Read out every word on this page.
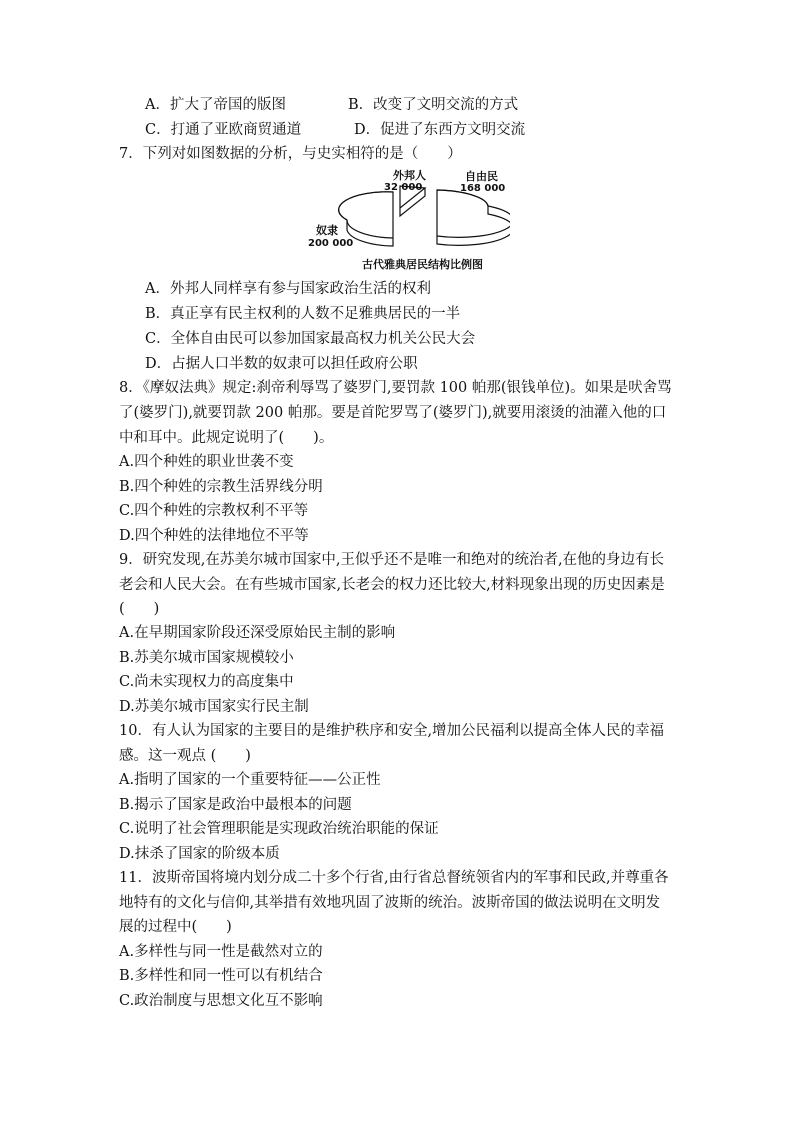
A．扩大了帝国的版图	B．改变了文明交流的方式
C．打通了亚欧商贸通道	D．促进了东西方文明交流
7．下列对如图数据的分析，与史实相符的是（　　）
外邦人
32 000
自由民
168 000
奴隶
200 000
古代雅典居民结构比例图
A．外邦人同样享有参与国家政治生活的权利
B．真正享有民主权利的人数不足雅典居民的一半
C．全体自由民可以参加国家最高权力机关公民大会
D．占据人口半数的奴隶可以担任政府公职
8．《摩奴法典》规定:刹帝利辱骂了婆罗门,要罚款 100 帕那(银钱单位)。如果是吠舍骂
了(婆罗门),就要罚款 200 帕那。要是首陀罗骂了(婆罗门),就要用滚烫的油灌入他的口
中和耳中。此规定说明了(　　)。
A.四个种姓的职业世袭不变
B.四个种姓的宗教生活界线分明
C.四个种姓的宗教权利不平等
D.四个种姓的法律地位不平等
9．研究发现,在苏美尔城市国家中,王似乎还不是唯一和绝对的统治者,在他的身边有长
老会和人民大会。在有些城市国家,长老会的权力还比较大,材料现象出现的历史因素是
(　　)
A.在早期国家阶段还深受原始民主制的影响
B.苏美尔城市国家规模较小
C.尚未实现权力的高度集中
D.苏美尔城市国家实行民主制
10．有人认为国家的主要目的是维护秩序和安全,增加公民福利以提高全体人民的幸福
感。这一观点 (　　)
A.指明了国家的一个重要特征——公正性
B.揭示了国家是政治中最根本的问题
C.说明了社会管理职能是实现政治统治职能的保证
D.抹杀了国家的阶级本质
11．波斯帝国将境内划分成二十多个行省,由行省总督统领省内的军事和民政,并尊重各
地特有的文化与信仰,其举措有效地巩固了波斯的统治。波斯帝国的做法说明在文明发
展的过程中(　　)
A.多样性与同一性是截然对立的
B.多样性和同一性可以有机结合
C.政治制度与思想文化互不影响
